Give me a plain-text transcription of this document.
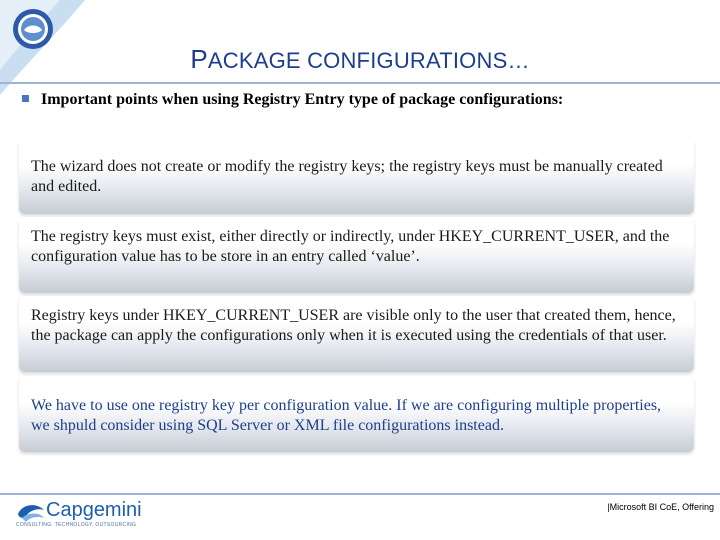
PACKAGE CONFIGURATIONS…
Important points when using Registry Entry type of package configurations:

The wizard does not create or modify the registry keys; the registry keys must be manually created and edited.

The registry keys must exist, either directly or indirectly, under HKEY_CURRENT_USER, and the configuration value has to be store in an entry called ‘value’.

Registry keys under HKEY_CURRENT_USER are visible only to the user that created them, hence, the package can apply the configurations only when it is executed using the credentials of that user.

We have to use one registry key per configuration value. If we are configuring multiple properties, we shpuld consider using SQL Server or XML file configurations instead.

Capgemini
CONSULTING. TECHNOLOGY. OUTSOURCING
|Microsoft BI CoE, Offering
